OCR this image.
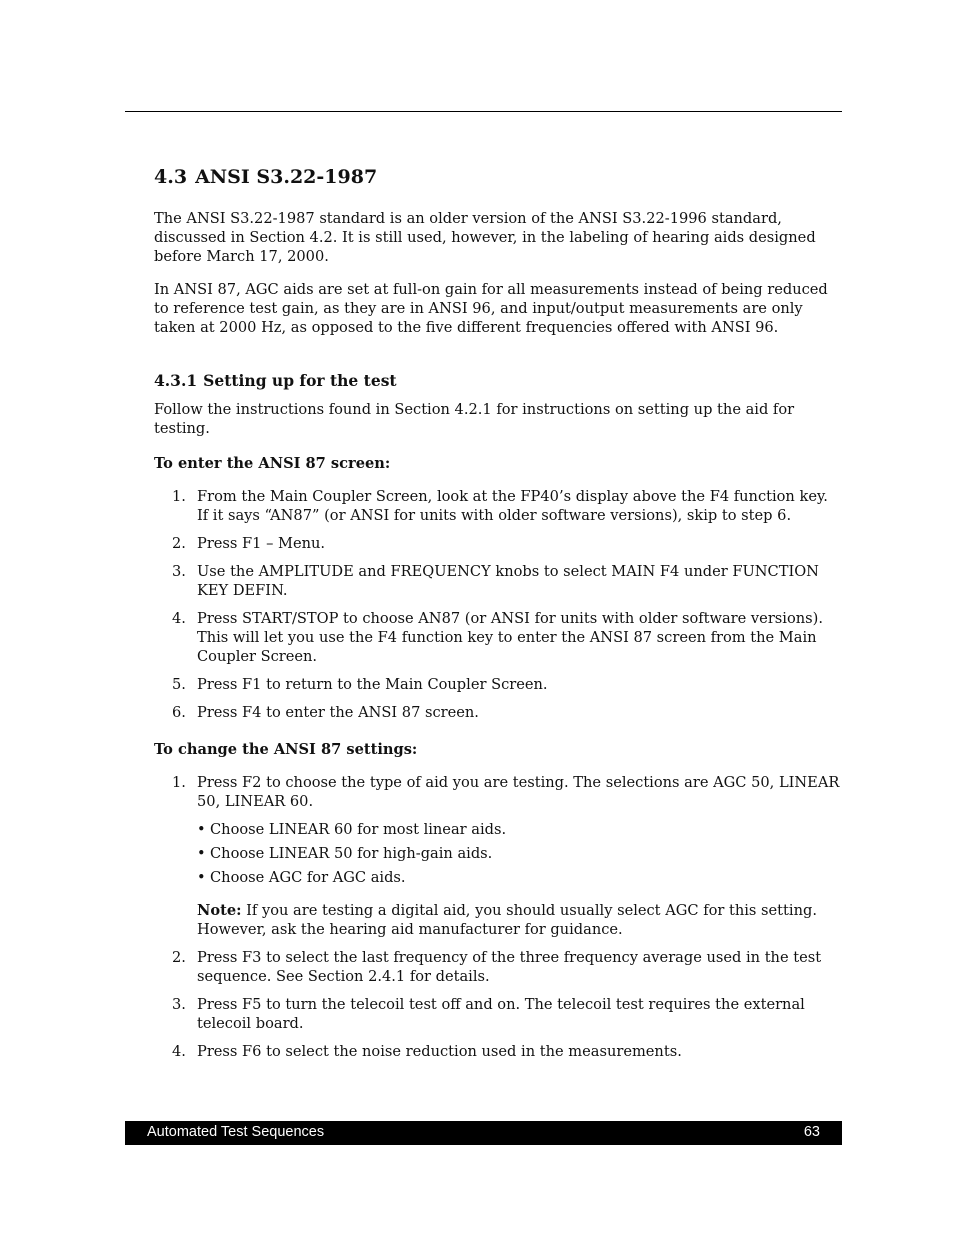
4.3 ANSI S3.22-1987

The ANSI S3.22-1987 standard is an older version of the ANSI S3.22-1996 standard, discussed in Section 4.2. It is still used, however, in the labeling of hearing aids designed before March 17, 2000.

In ANSI 87, AGC aids are set at full-on gain for all measurements instead of being reduced to reference test gain, as they are in ANSI 96, and input/output measurements are only taken at 2000 Hz, as opposed to the five different frequencies offered with ANSI 96.

4.3.1 Setting up for the test

Follow the instructions found in Section 4.2.1 for instructions on setting up the aid for testing.

To enter the ANSI 87 screen:
1. From the Main Coupler Screen, look at the FP40’s display above the F4 function key. If it says “AN87” (or ANSI for units with older software versions), skip to step 6.
2. Press F1 – Menu.
3. Use the AMPLITUDE and FREQUENCY knobs to select MAIN F4 under FUNCTION KEY DEFIN.
4. Press START/STOP to choose AN87 (or ANSI for units with older software versions). This will let you use the F4 function key to enter the ANSI 87 screen from the Main Coupler Screen.
5. Press F1 to return to the Main Coupler Screen.
6. Press F4 to enter the ANSI 87 screen.
To change the ANSI 87 settings:
1. Press F2 to choose the type of aid you are testing. The selections are AGC 50, LINEAR 50, LINEAR 60.
• Choose LINEAR 60 for most linear aids.
• Choose LINEAR 50 for high-gain aids.
• Choose AGC for AGC aids.
Note: If you are testing a digital aid, you should usually select AGC for this setting. However, ask the hearing aid manufacturer for guidance.
2. Press F3 to select the last frequency of the three frequency average used in the test sequence. See Section 2.4.1 for details.
3. Press F5 to turn the telecoil test off and on. The telecoil test requires the external telecoil board.
4. Press F6 to select the noise reduction used in the measurements.
Automated Test Sequences	63
